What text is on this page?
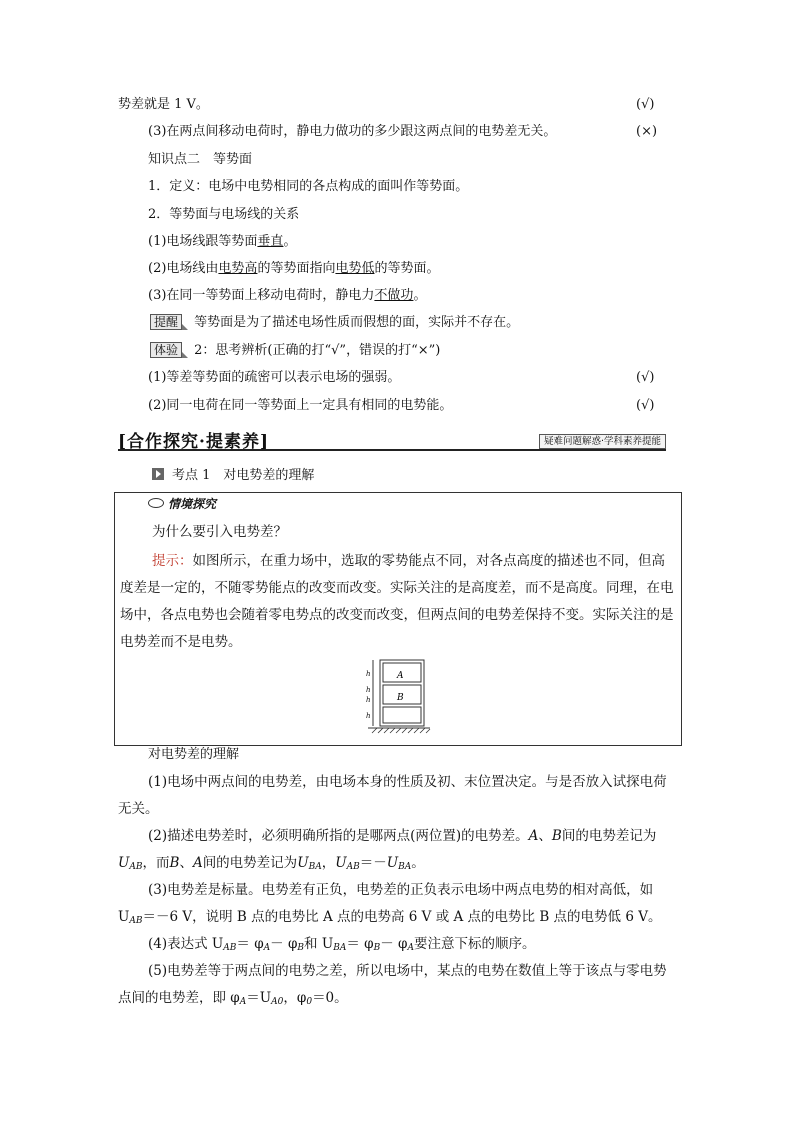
势差就是 1 V。	(√)
(3)在两点间移动电荷时，静电力做功的多少跟这两点间的电势差无关。	(×)
知识点二　等势面
1．定义：电场中电势相同的各点构成的面叫作等势面。
2．等势面与电场线的关系
(1)电场线跟等势面垂直。
(2)电场线由电势高的等势面指向电势低的等势面。
(3)在同一等势面上移动电荷时，静电力不做功。
提醒 等势面是为了描述电场性质而假想的面，实际并不存在。
体验 2：思考辨析(正确的打“√”，错误的打“×”)
(1)等差等势面的疏密可以表示电场的强弱。	(√)
(2)同一电荷在同一等势面上一定具有相同的电势能。	(√)
[合作探究·提素养]	疑难问题解惑·学科素养提能
考点 1　对电势差的理解
情境探究
为什么要引入电势差？
提示：如图所示，在重力场中，选取的零势能点不同，对各点高度的描述也不同，但高度差是一定的，不随零势能点的改变而改变。实际关注的是高度差，而不是高度。同理，在电场中，各点电势也会随着零电势点的改变而改变，但两点间的电势差保持不变。实际关注的是电势差而不是电势。
A
B
h
h
h
h
对电势差的理解
(1)电场中两点间的电势差，由电场本身的性质及初、末位置决定。与是否放入试探电荷无关。
(2)描述电势差时，必须明确所指的是哪两点(两位置)的电势差。A、B间的电势差记为$U_{AB}$，而B、A间的电势差记为$U_{BA}$，$U_{AB}=-U_{BA}$。
(3)电势差是标量。电势差有正负，电势差的正负表示电场中两点电势的相对高低，如 $U_{AB}=-6$ V，说明 B 点的电势比 A 点的电势高 6 V 或 A 点的电势比 B 点的电势低 6 V。
(4)表达式 $U_{AB}= \varphi_A- \varphi_B$和 $U_{BA}= \varphi_B- \varphi_A$要注意下标的顺序。
(5)电势差等于两点间的电势之差，所以电场中，某点的电势在数值上等于该点与零电势点间的电势差，即 $\varphi_A=U_{A0}$，$\varphi_0=0$。
